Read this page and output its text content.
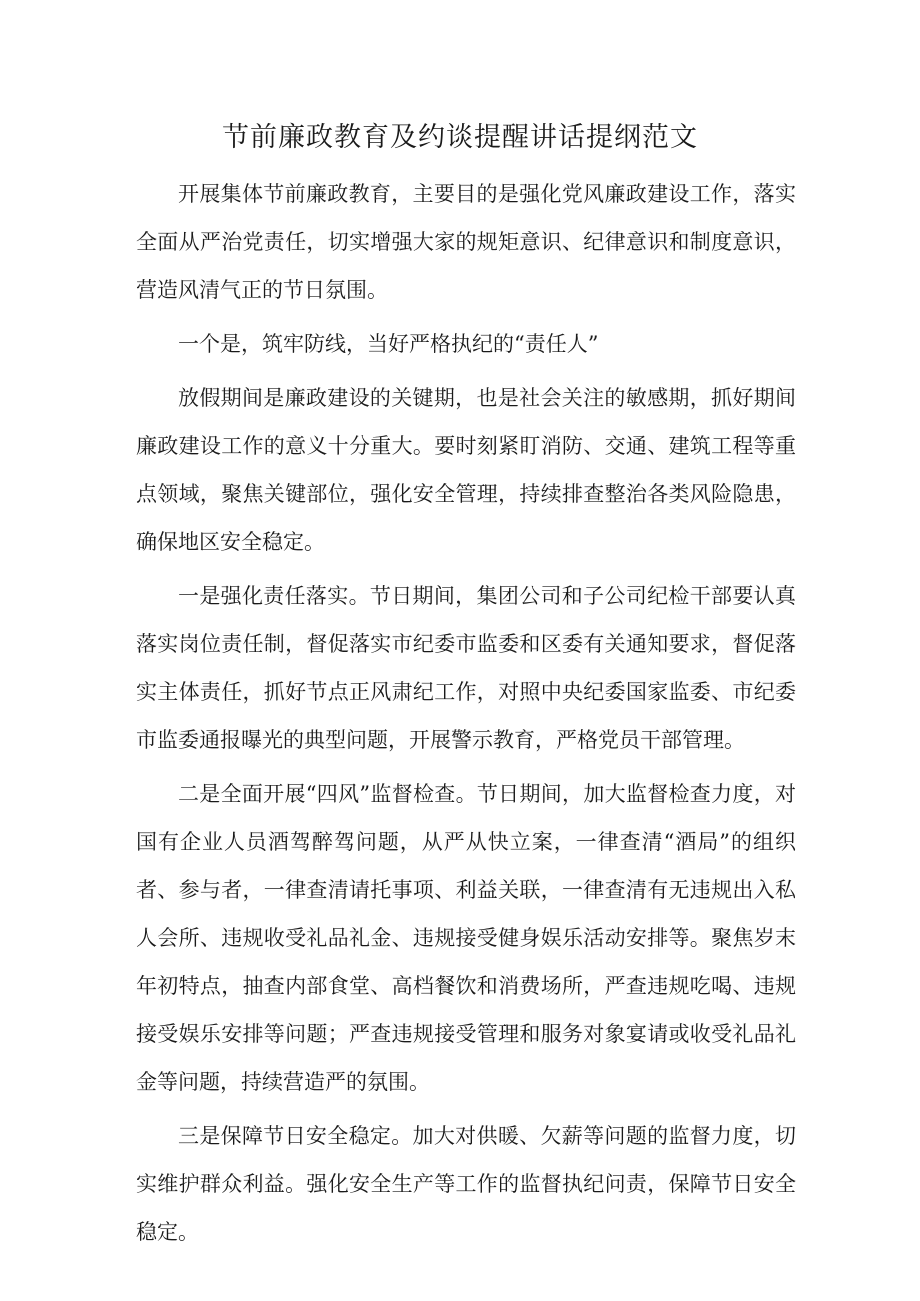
节前廉政教育及约谈提醒讲话提纲范文

开展集体节前廉政教育，主要目的是强化党风廉政建设工作，落实全面从严治党责任，切实增强大家的规矩意识、纪律意识和制度意识，营造风清气正的节日氛围。

一个是，筑牢防线，当好严格执纪的“责任人”

放假期间是廉政建设的关键期，也是社会关注的敏感期，抓好期间廉政建设工作的意义十分重大。要时刻紧盯消防、交通、建筑工程等重点领域，聚焦关键部位，强化安全管理，持续排查整治各类风险隐患，确保地区安全稳定。

一是强化责任落实。节日期间，集团公司和子公司纪检干部要认真落实岗位责任制，督促落实市纪委市监委和区委有关通知要求，督促落实主体责任，抓好节点正风肃纪工作，对照中央纪委国家监委、市纪委市监委通报曝光的典型问题，开展警示教育，严格党员干部管理。

二是全面开展“四风”监督检查。节日期间，加大监督检查力度，对国有企业人员酒驾醉驾问题，从严从快立案，一律查清“酒局”的组织者、参与者，一律查清请托事项、利益关联，一律查清有无违规出入私人会所、违规收受礼品礼金、违规接受健身娱乐活动安排等。聚焦岁末年初特点，抽查内部食堂、高档餐饮和消费场所，严查违规吃喝、违规接受娱乐安排等问题；严查违规接受管理和服务对象宴请或收受礼品礼金等问题，持续营造严的氛围。

三是保障节日安全稳定。加大对供暖、欠薪等问题的监督力度，切实维护群众利益。强化安全生产等工作的监督执纪问责，保障节日安全稳定。
